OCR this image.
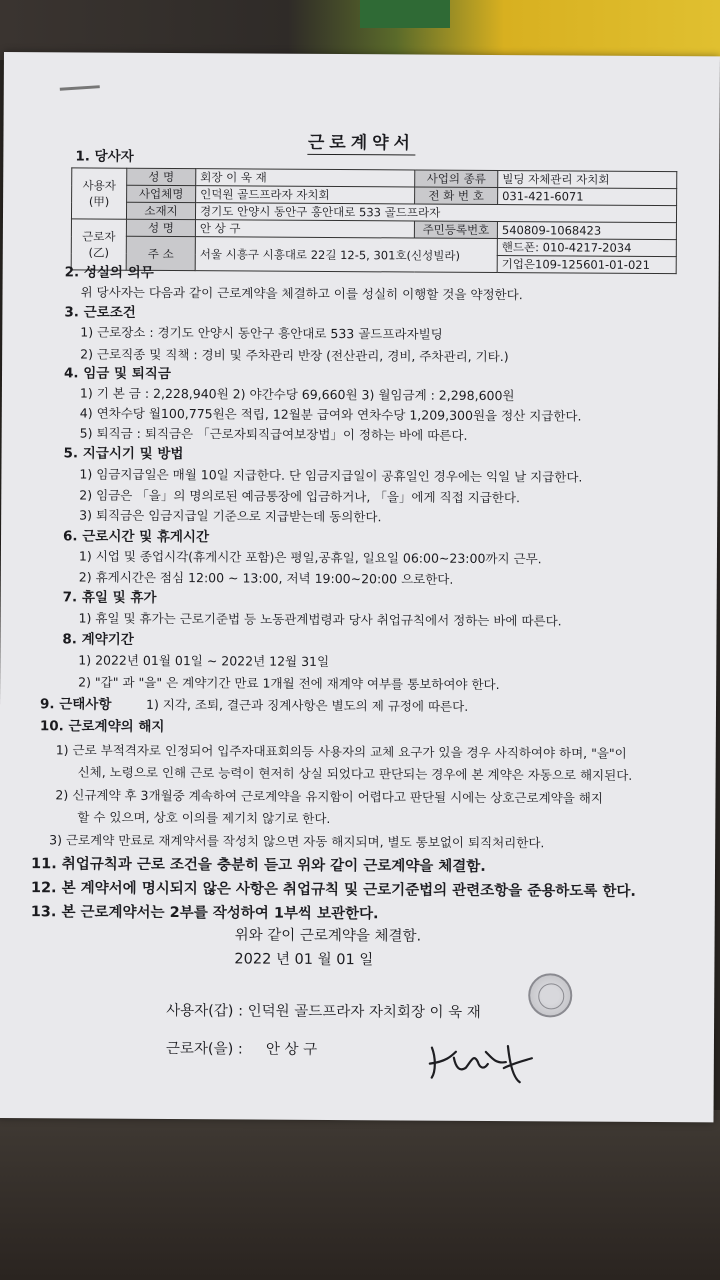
근로계약서
1. 당사자
사용자
(甲)	성 명	회장 이 욱 재	사업의 종류	빌딩 자체관리 자치회
	사업체명	인덕원 골드프라자 자치회	전 화 번 호	031-421-6071
	소재지	경기도 안양시 동안구 흥안대로 533 골드프라자		
근로자
(乙)	성 명	안 상 구	주민등록번호	540809-1068423
	주 소	서울 시흥구 시흥대로 22길 12-5, 301호(신성빌라)		핸드폰: 010-4217-2034
				기업은109-125601-01-021
2. 성실의 의무
위 당사자는 다음과 같이 근로계약을 체결하고 이를 성실히 이행할 것을 약정한다.
3. 근로조건
1) 근로장소 : 경기도 안양시 동안구 흥안대로 533 골드프라자빌딩
2) 근로직종 및 직책 : 경비 및 주차관리 반장 (전산관리, 경비, 주차관리, 기타.)
4. 임금 및 퇴직금
1) 기 본 금 : 2,228,940원 2) 야간수당 69,660원 3) 월임금계 : 2,298,600원
4) 연차수당 월100,775원은 적립, 12월분 급여와 연차수당 1,209,300원을 정산 지급한다.
5) 퇴직금 : 퇴직금은 「근로자퇴직급여보장법」이 정하는 바에 따른다.
5. 지급시기 및 방법
1) 임금지급일은 매월 10일 지급한다. 단 임금지급일이 공휴일인 경우에는 익일 날 지급한다.
2) 임금은 「을」의 명의로된 예금통장에 입금하거나, 「을」에게 직접 지급한다.
3) 퇴직금은 임금지급일 기준으로 지급받는데 동의한다.
6. 근로시간 및 휴게시간
1) 시업 및 종업시각(휴게시간 포함)은 평일,공휴일, 일요일 06:00~23:00까지 근무.
2) 휴게시간은 점심 12:00 ~ 13:00, 저녁 19:00~20:00 으로한다.
7. 휴일 및 휴가
1) 휴일 및 휴가는 근로기준법 등 노동관계법령과 당사 취업규칙에서 정하는 바에 따른다.
8. 계약기간
1) 2022년 01월 01일 ~ 2022년 12월 31일
2) "갑" 과 "을" 은 계약기간 만료 1개월 전에 재계약 여부를 통보하여야 한다.
9. 근태사항	1) 지각, 조퇴, 결근과 징계사항은 별도의 제 규정에 따른다.
10. 근로계약의 해지
1) 근로 부적격자로 인정되어 입주자대표회의등 사용자의 교체 요구가 있을 경우 사직하여야 하며, "을"이
신체, 노령으로 인해 근로 능력이 현저히 상실 되었다고 판단되는 경우에 본 계약은 자동으로 해지된다.
2) 신규계약 후 3개월중 계속하여 근로계약을 유지함이 어렵다고 판단될 시에는 상호근로계약을 해지
할 수 있으며, 상호 이의를 제기치 않기로 한다.
3) 근로계약 만료로 재계약서를 작성치 않으면 자동 해지되며, 별도 통보없이 퇴직처리한다.
11. 취업규칙과 근로 조건을 충분히 듣고 위와 같이 근로계약을 체결함.
12. 본 계약서에 명시되지 않은 사항은 취업규칙 및 근로기준법의 관련조항을 준용하도록 한다.
13. 본 근로계약서는 2부를 작성하여 1부씩 보관한다.
위와 같이 근로계약을 체결함.
2022 년 01 월 01 일
사용자(갑) : 인덕원 골드프라자 자치회장 이 욱 재
근로자(을) : 안 상 구
